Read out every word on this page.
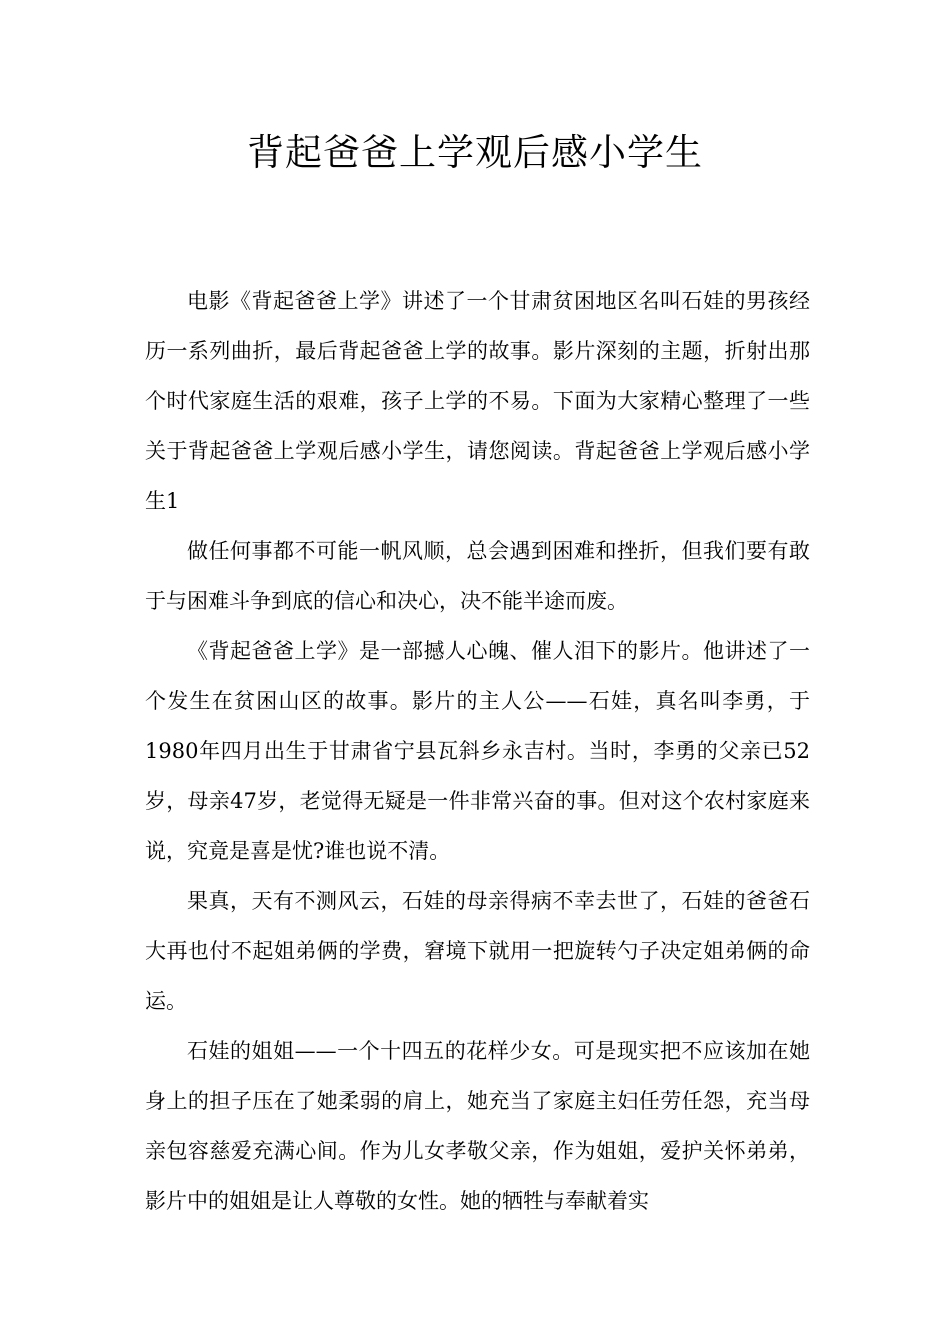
背起爸爸上学观后感小学生

电影《背起爸爸上学》讲述了一个甘肃贫困地区名叫石娃的男孩经历一系列曲折，最后背起爸爸上学的故事。影片深刻的主题，折射出那个时代家庭生活的艰难，孩子上学的不易。下面为大家精心整理了一些关于背起爸爸上学观后感小学生，请您阅读。背起爸爸上学观后感小学生1

做任何事都不可能一帆风顺，总会遇到困难和挫折，但我们要有敢于与困难斗争到底的信心和决心，决不能半途而废。

《背起爸爸上学》是一部撼人心魄、催人泪下的影片。他讲述了一个发生在贫困山区的故事。影片的主人公——石娃，真名叫李勇，于1980年四月出生于甘肃省宁县瓦斜乡永吉村。当时，李勇的父亲已52岁，母亲47岁，老觉得无疑是一件非常兴奋的事。但对这个农村家庭来说，究竟是喜是忧?谁也说不清。

果真，天有不测风云，石娃的母亲得病不幸去世了，石娃的爸爸石大再也付不起姐弟俩的学费，窘境下就用一把旋转勺子决定姐弟俩的命运。

石娃的姐姐——一个十四五的花样少女。可是现实把不应该加在她身上的担子压在了她柔弱的肩上，她充当了家庭主妇任劳任怨，充当母亲包容慈爱充满心间。作为儿女孝敬父亲，作为姐姐，爱护关怀弟弟，影片中的姐姐是让人尊敬的女性。她的牺牲与奉献着实
